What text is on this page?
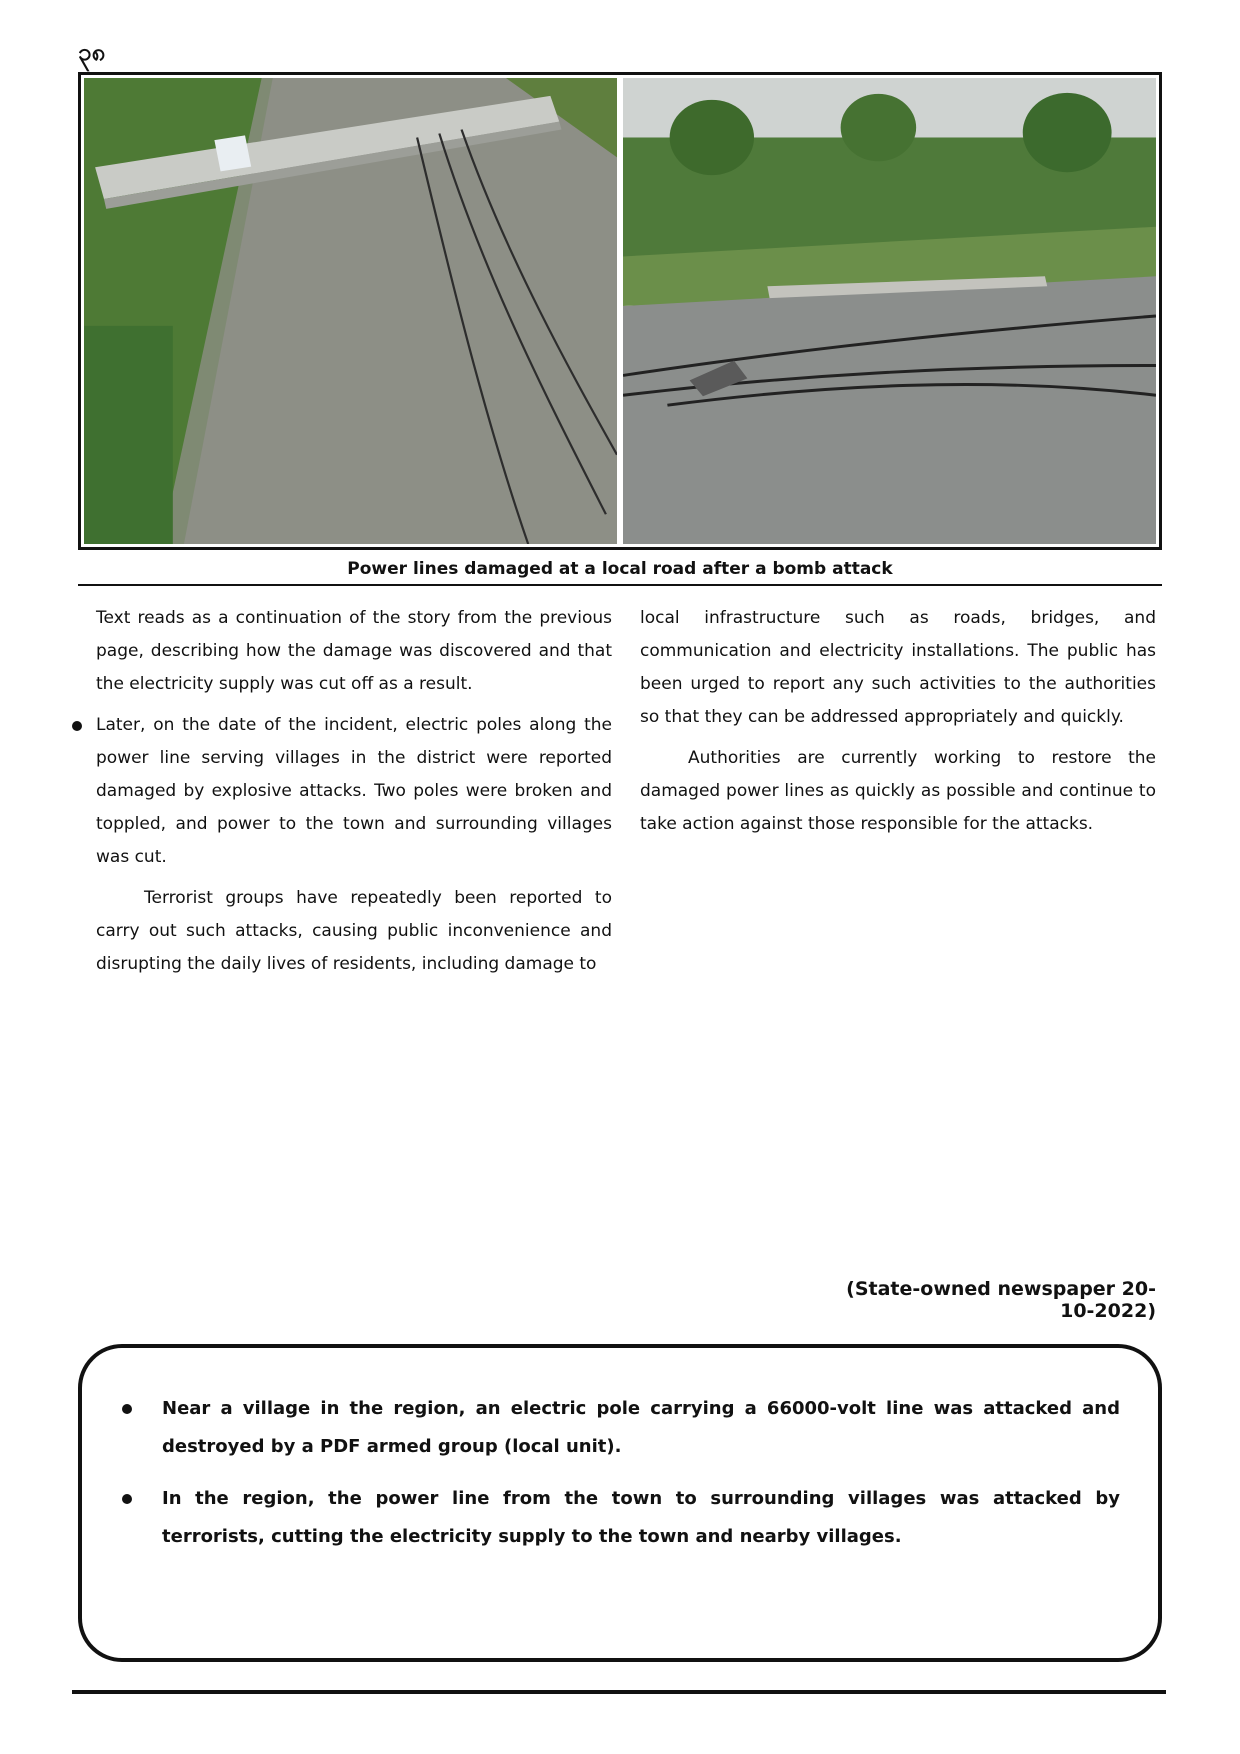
၃၈
Power lines damaged at a local road after a bomb attack

Text reads as a continuation of the story from the previous page, describing how the damage was discovered and that the electricity supply was cut off as a result.

Later, on the date of the incident, electric poles along the power line serving villages in the district were reported damaged by explosive attacks. Two poles were broken and toppled, and power to the town and surrounding villages was cut.

Terrorist groups have repeatedly been reported to carry out such attacks, causing public inconvenience and disrupting the daily lives of residents, including damage to

local infrastructure such as roads, bridges, and communication and electricity installations. The public has been urged to report any such activities to the authorities so that they can be addressed appropriately and quickly.

Authorities are currently working to restore the damaged power lines as quickly as possible and continue to take action against those responsible for the attacks.

(State-owned newspaper 20-10-2022)
Near a village in the region, an electric pole carrying a 66000-volt line was attacked and destroyed by a PDF armed group (local unit).
In the region, the power line from the town to surrounding villages was attacked by terrorists, cutting the electricity supply to the town and nearby villages.
